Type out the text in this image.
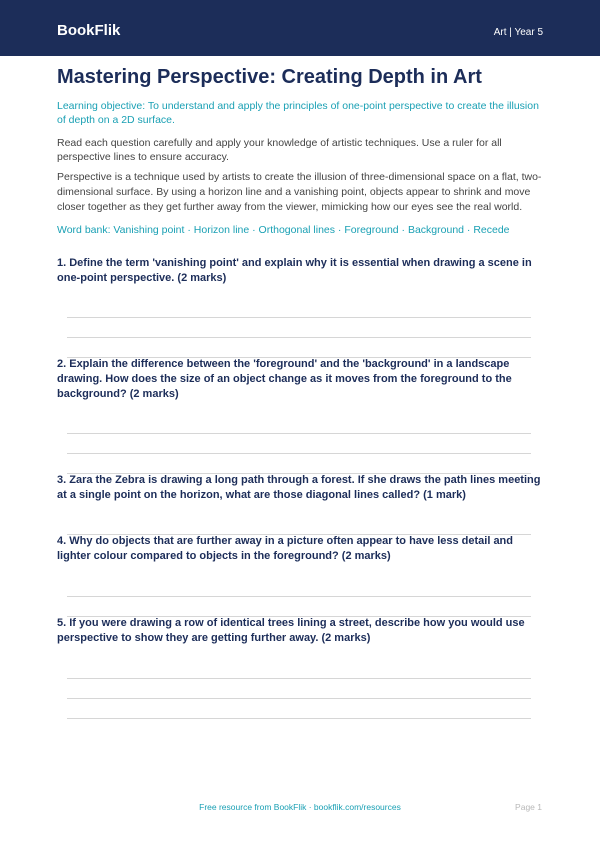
BookFlik	Art | Year 5
Mastering Perspective: Creating Depth in Art
Learning objective: To understand and apply the principles of one-point perspective to create the illusion of depth on a 2D surface.
Read each question carefully and apply your knowledge of artistic techniques. Use a ruler for all perspective lines to ensure accuracy.
Perspective is a technique used by artists to create the illusion of three-dimensional space on a flat, two-dimensional surface. By using a horizon line and a vanishing point, objects appear to shrink and move closer together as they get further away from the viewer, mimicking how our eyes see the real world.
Word bank: Vanishing point · Horizon line · Orthogonal lines · Foreground · Background · Recede
1. Define the term 'vanishing point' and explain why it is essential when drawing a scene in one-point perspective. (2 marks)
2. Explain the difference between the 'foreground' and the 'background' in a landscape drawing. How does the size of an object change as it moves from the foreground to the background? (2 marks)
3. Zara the Zebra is drawing a long path through a forest. If she draws the path lines meeting at a single point on the horizon, what are those diagonal lines called? (1 mark)
4. Why do objects that are further away in a picture often appear to have less detail and lighter colour compared to objects in the foreground? (2 marks)
5. If you were drawing a row of identical trees lining a street, describe how you would use perspective to show they are getting further away. (2 marks)
Free resource from BookFlik · bookflik.com/resources	Page 1
